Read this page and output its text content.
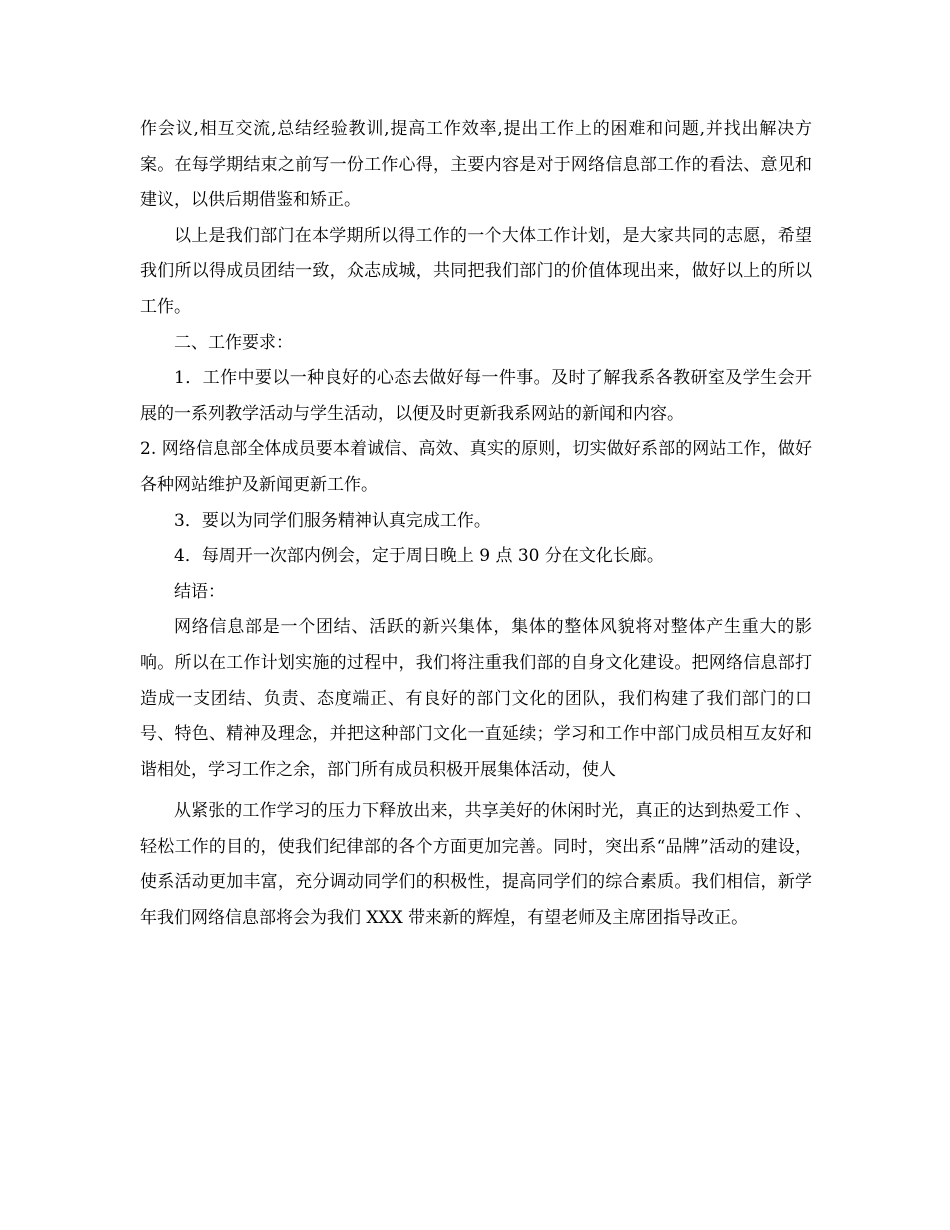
作会议,相互交流,总结经验教训,提高工作效率,提出工作上的困难和问题,并找出解决方案。在每学期结束之前写一份工作心得，主要内容是对于网络信息部工作的看法、意见和建议，以供后期借鉴和矫正。

以上是我们部门在本学期所以得工作的一个大体工作计划，是大家共同的志愿，希望我们所以得成员团结一致，众志成城，共同把我们部门的价值体现出来，做好以上的所以工作。

二、工作要求：

1．工作中要以一种良好的心态去做好每一件事。及时了解我系各教研室及学生会开展的一系列教学活动与学生活动，以便及时更新我系网站的新闻和内容。

2. 网络信息部全体成员要本着诚信、高效、真实的原则，切实做好系部的网站工作，做好各种网站维护及新闻更新工作。

3．要以为同学们服务精神认真完成工作。

4．每周开一次部内例会，定于周日晚上 9 点 30 分在文化长廊。

结语：

网络信息部是一个团结、活跃的新兴集体，集体的整体风貌将对整体产生重大的影响。所以在工作计划实施的过程中，我们将注重我们部的自身文化建设。把网络信息部打造成一支团结、负责、态度端正、有良好的部门文化的团队，我们构建了我们部门的口号、特色、精神及理念，并把这种部门文化一直延续；学习和工作中部门成员相互友好和谐相处，学习工作之余，部门所有成员积极开展集体活动，使人

从紧张的工作学习的压力下释放出来，共享美好的休闲时光，真正的达到热爱工作 、轻松工作的目的，使我们纪律部的各个方面更加完善。同时，突出系“品牌”活动的建设，使系活动更加丰富，充分调动同学们的积极性，提高同学们的综合素质。我们相信，新学年我们网络信息部将会为我们 XXX 带来新的辉煌，有望老师及主席团指导改正。
